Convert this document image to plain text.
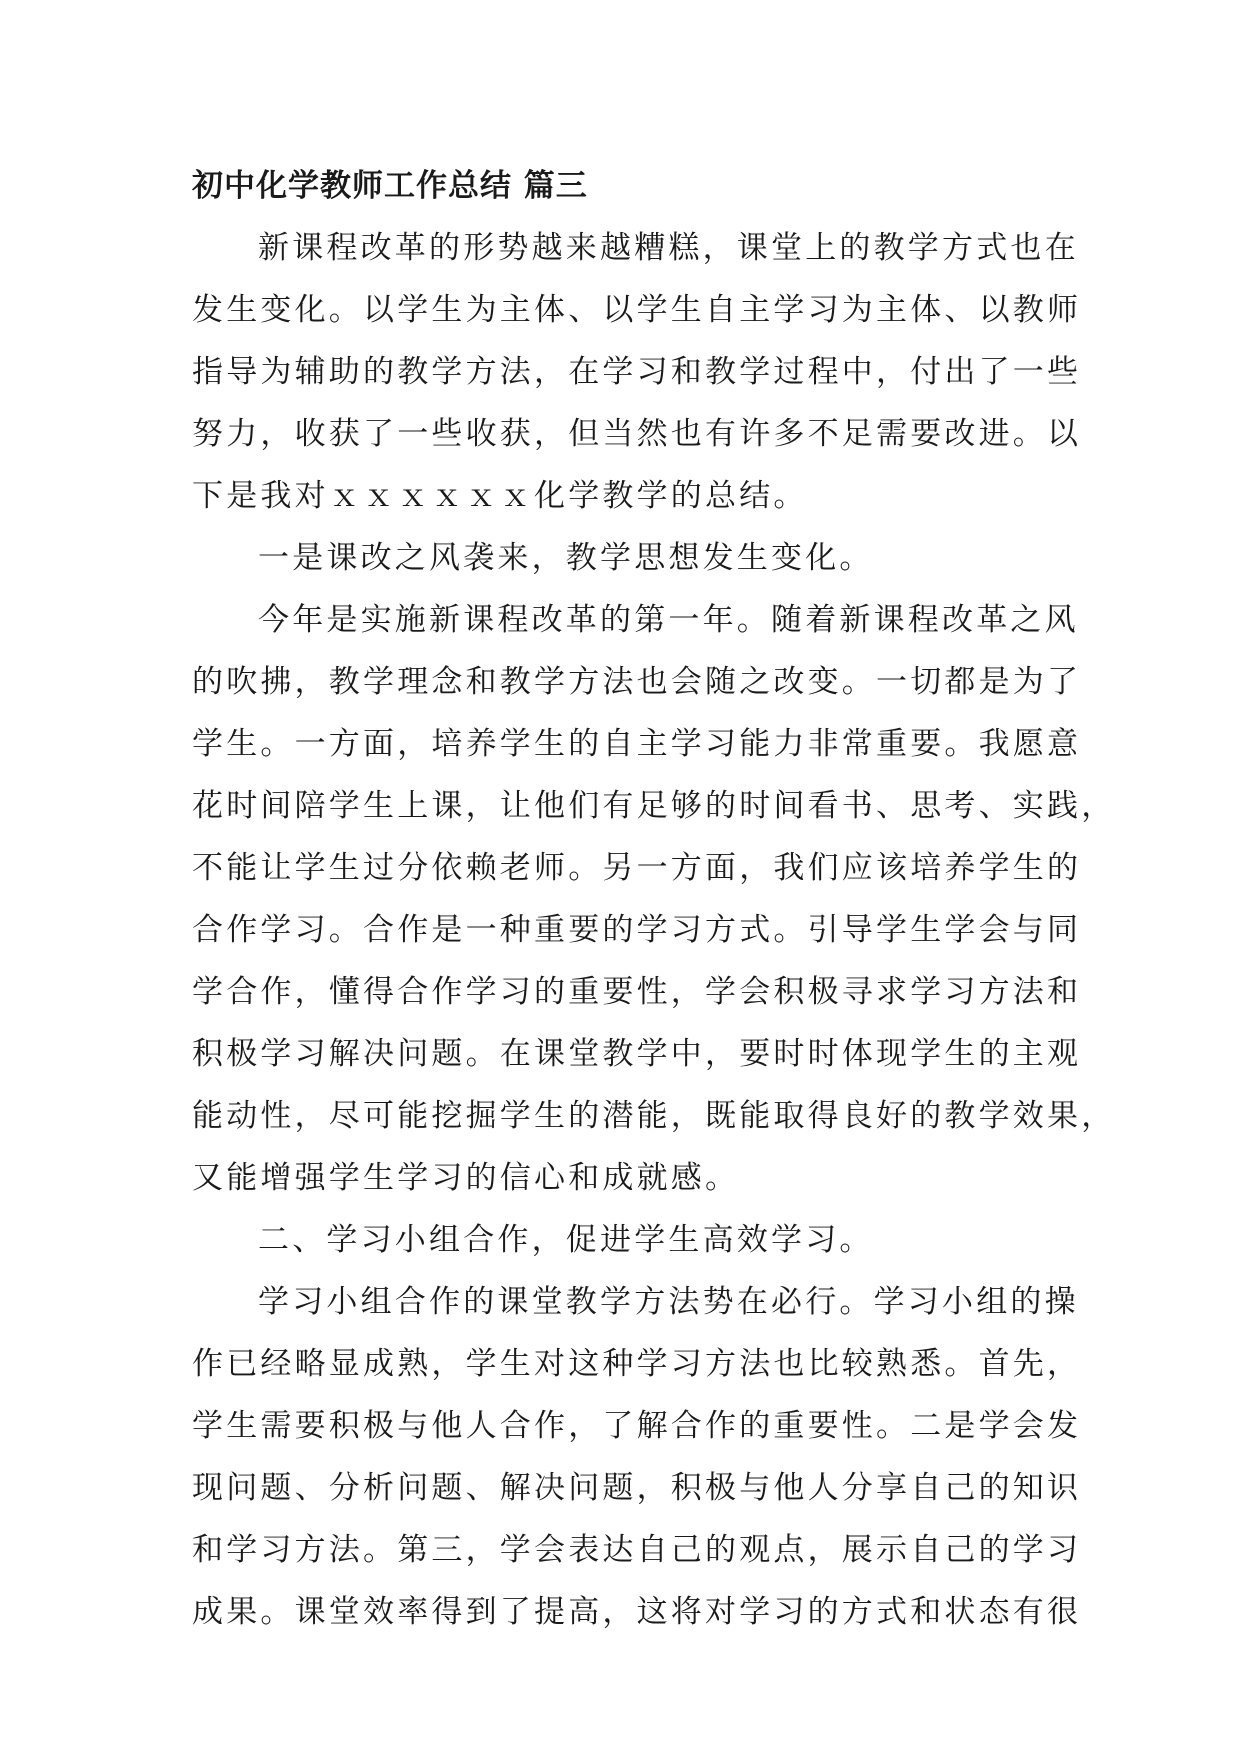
初中化学教师工作总结 篇三
新课程改革的形势越来越糟糕，课堂上的教学方式也在
发生变化。以学生为主体、以学生自主学习为主体、以教师
指导为辅助的教学方法，在学习和教学过程中，付出了一些
努力，收获了一些收获，但当然也有许多不足需要改进。以
下是我对ｘｘｘｘｘｘ化学教学的总结。
一是课改之风袭来，教学思想发生变化。
今年是实施新课程改革的第一年。随着新课程改革之风
的吹拂，教学理念和教学方法也会随之改变。一切都是为了
学生。一方面，培养学生的自主学习能力非常重要。我愿意
花时间陪学生上课，让他们有足够的时间看书、思考、实践，
不能让学生过分依赖老师。另一方面，我们应该培养学生的
合作学习。合作是一种重要的学习方式。引导学生学会与同
学合作，懂得合作学习的重要性，学会积极寻求学习方法和
积极学习解决问题。在课堂教学中，要时时体现学生的主观
能动性，尽可能挖掘学生的潜能，既能取得良好的教学效果，
又能增强学生学习的信心和成就感。
二、学习小组合作，促进学生高效学习。
学习小组合作的课堂教学方法势在必行。学习小组的操
作已经略显成熟，学生对这种学习方法也比较熟悉。首先，
学生需要积极与他人合作，了解合作的重要性。二是学会发
现问题、分析问题、解决问题，积极与他人分享自己的知识
和学习方法。第三，学会表达自己的观点，展示自己的学习
成果。课堂效率得到了提高，这将对学习的方式和状态有很
